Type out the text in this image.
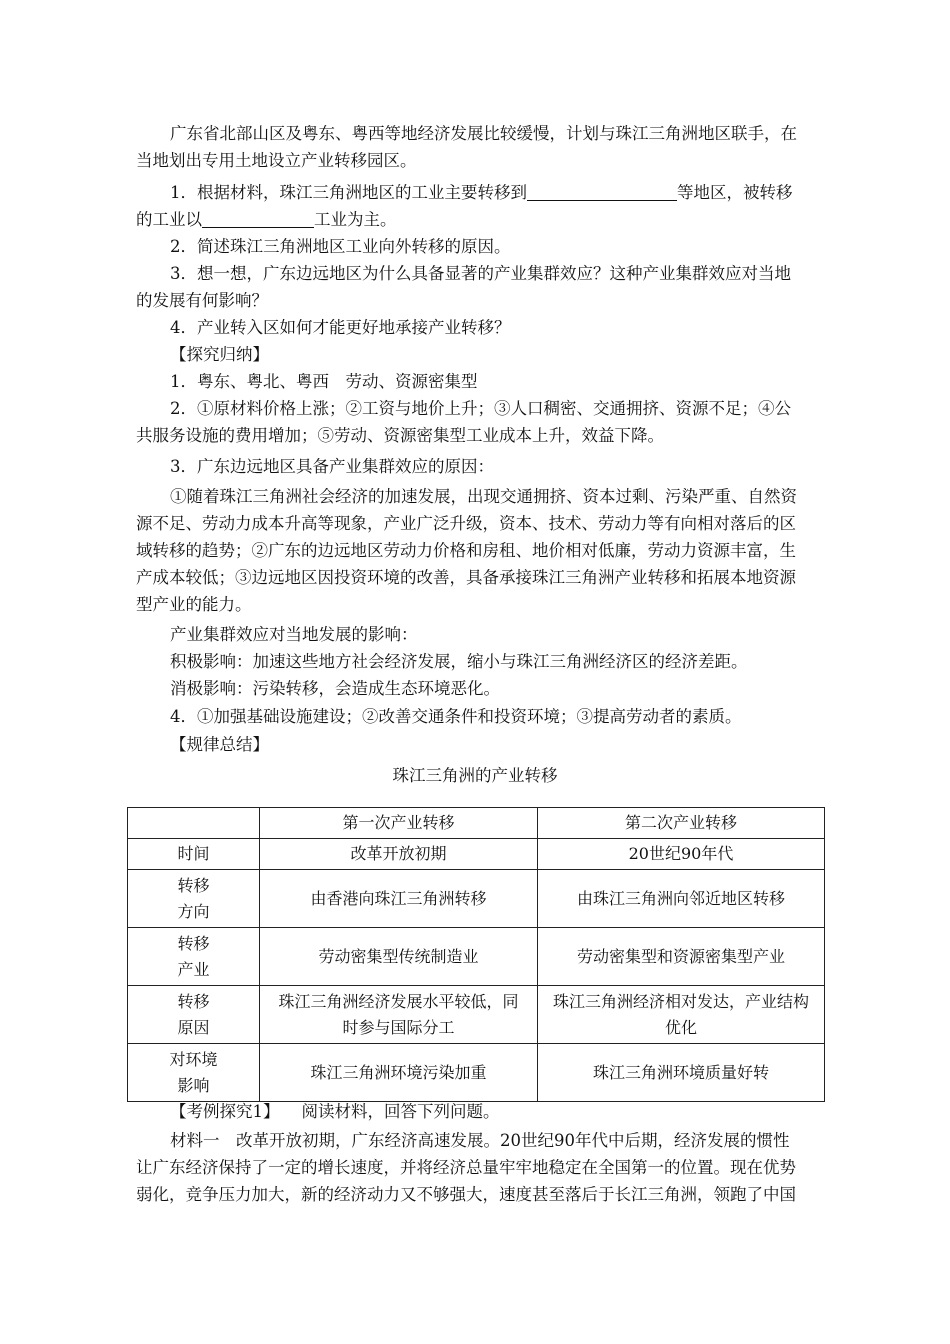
广东省北部山区及粤东、粤西等地经济发展比较缓慢，计划与珠江三角洲地区联手，在
当地划出专用土地设立产业转移园区。
1．根据材料，珠江三角洲地区的工业主要转移到	等地区，被转移
的工业以	工业为主。
2．简述珠江三角洲地区工业向外转移的原因。
3．想一想，广东边远地区为什么具备显著的产业集群效应？这种产业集群效应对当地
的发展有何影响？
4．产业转入区如何才能更好地承接产业转移？
【探究归纳】
1．粤东、粤北、粤西　劳动、资源密集型
2．①原材料价格上涨；②工资与地价上升；③人口稠密、交通拥挤、资源不足；④公
共服务设施的费用增加；⑤劳动、资源密集型工业成本上升，效益下降。
3．广东边远地区具备产业集群效应的原因：
①随着珠江三角洲社会经济的加速发展，出现交通拥挤、资本过剩、污染严重、自然资
源不足、劳动力成本升高等现象，产业广泛升级，资本、技术、劳动力等有向相对落后的区
域转移的趋势；②广东的边远地区劳动力价格和房租、地价相对低廉，劳动力资源丰富，生
产成本较低；③边远地区因投资环境的改善，具备承接珠江三角洲产业转移和拓展本地资源
型产业的能力。
产业集群效应对当地发展的影响：
积极影响：加速这些地方社会经济发展，缩小与珠江三角洲经济区的经济差距。
消极影响：污染转移，会造成生态环境恶化。
4．①加强基础设施建设；②改善交通条件和投资环境；③提高劳动者的素质。
【规律总结】
珠江三角洲的产业转移
	第一次产业转移	第二次产业转移
时间	改革开放初期	20世纪90年代

转移方向	由香港向珠江三角洲转移	由珠江三角洲向邻近地区转移

转移产业	劳动密集型传统制造业	劳动密集型和资源密集型产业

转移原因	珠江三角洲经济发展水平较低，同时参与国际分工	珠江三角洲经济相对发达，产业结构优化

对环境影响	珠江三角洲环境污染加重	珠江三角洲环境质量好转
【考例探究1】 阅读材料，回答下列问题。
材料一　改革开放初期，广东经济高速发展。20世纪90年代中后期，经济发展的惯性
让广东经济保持了一定的增长速度，并将经济总量牢牢地稳定在全国第一的位置。现在优势
弱化，竞争压力加大，新的经济动力又不够强大，速度甚至落后于长江三角洲，领跑了中国
